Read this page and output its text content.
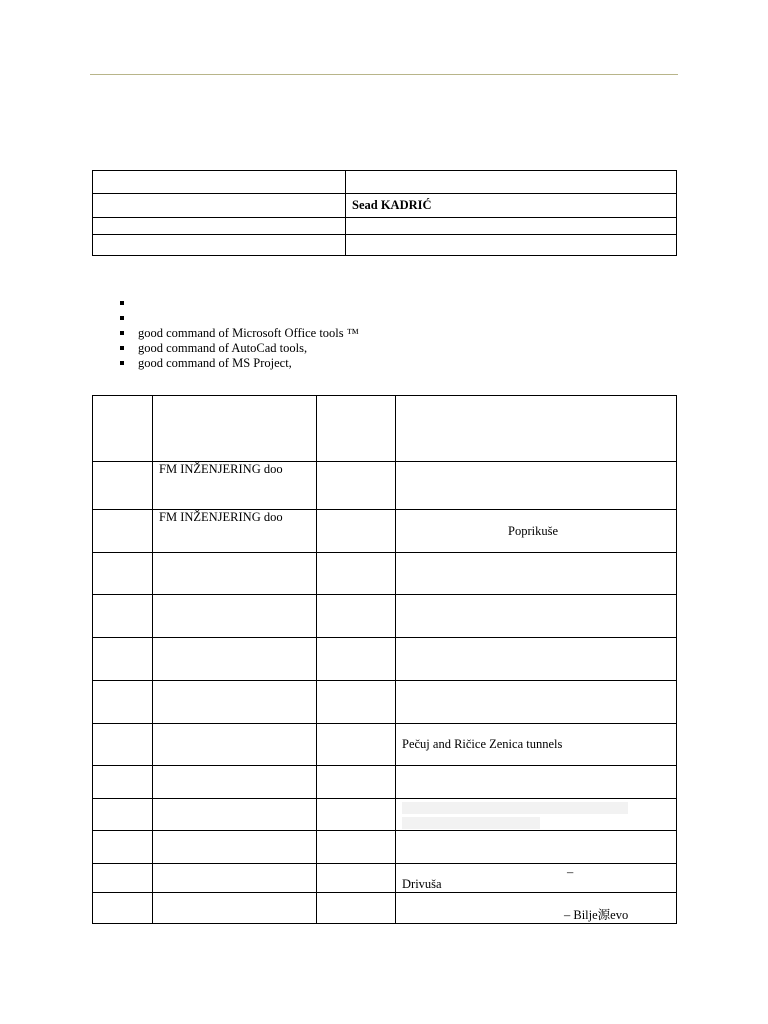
	Sead KADRIĆ

good command of Microsoft Office tools ™
good command of AutoCad tools,
good command of MS Project,

	FM INŽENJERING doo		

	FM INŽENJERING doo		Poprikuše

			Pečuj and Ričice Zenica tunnels

			–
Drivuša

			– Bilje源evo
